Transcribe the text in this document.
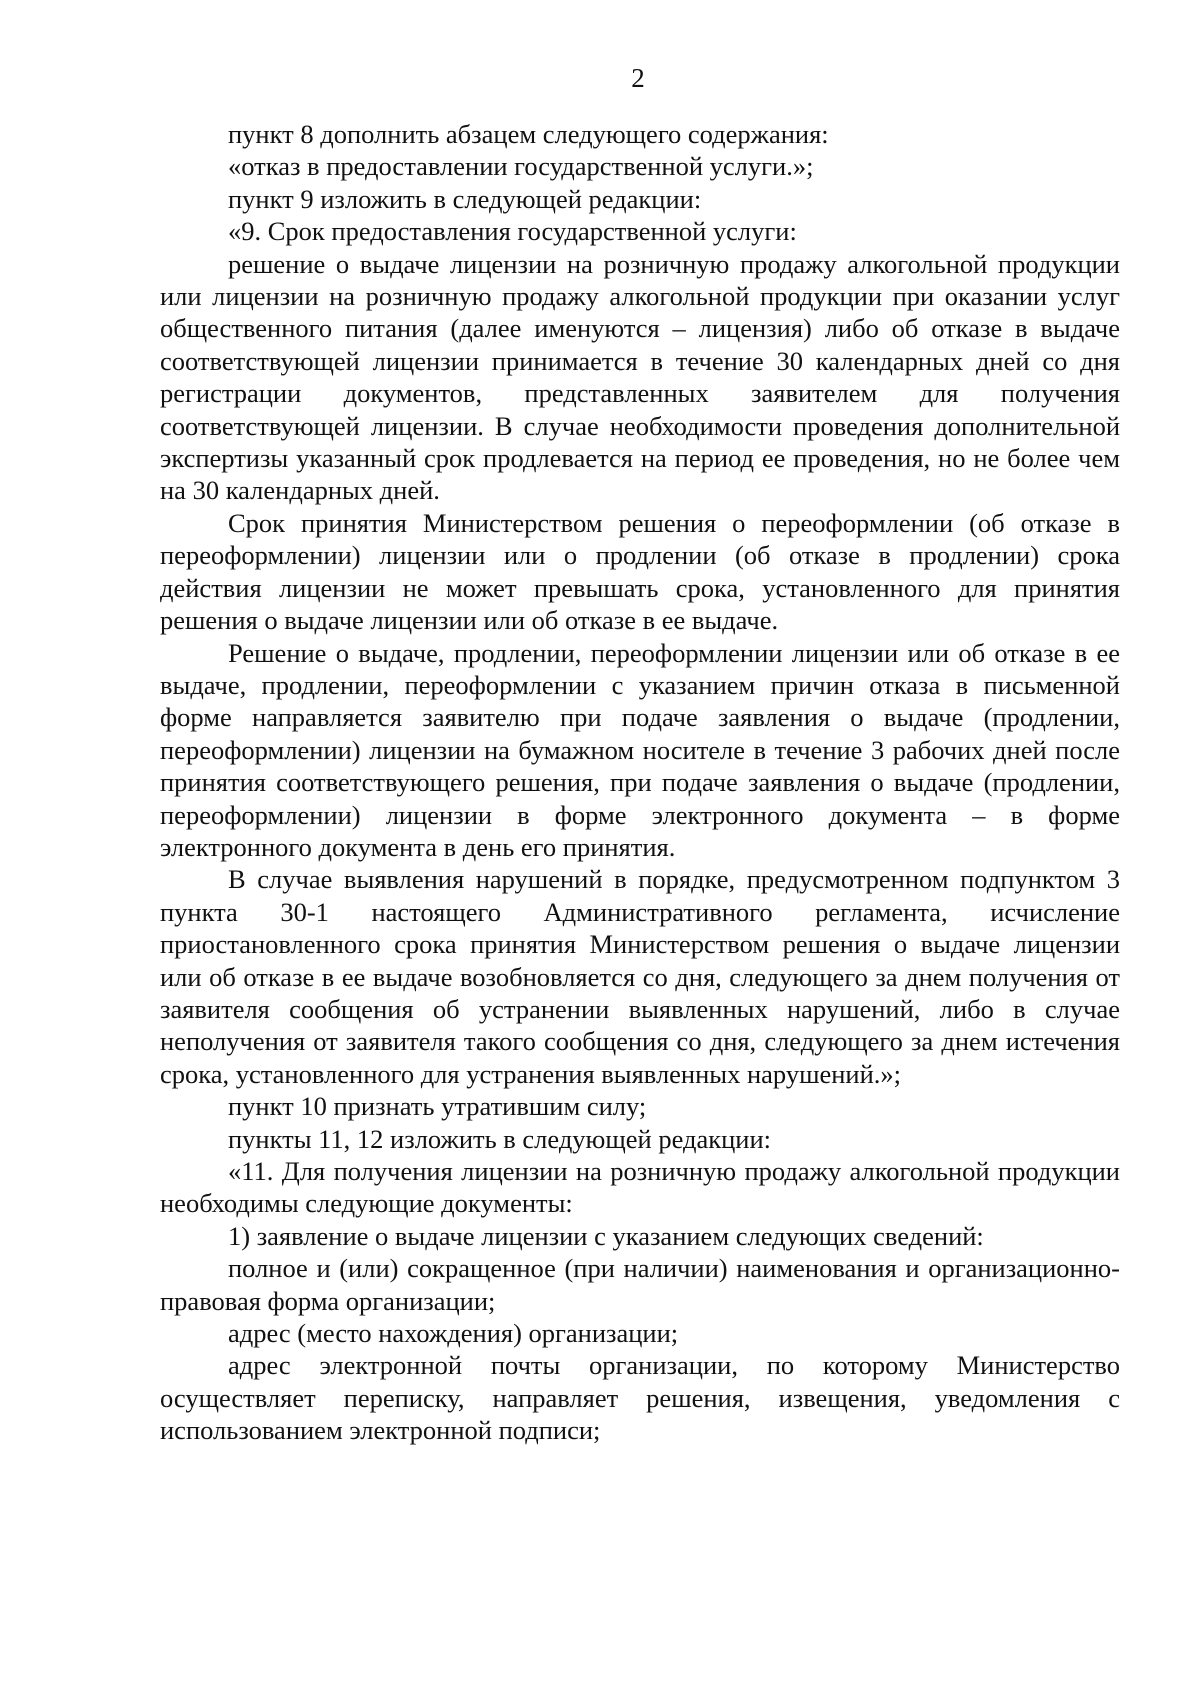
2

пункт 8 дополнить абзацем следующего содержания:

«отказ в предоставлении государственной услуги.»;

пункт 9 изложить в следующей редакции:

«9. Срок предоставления государственной услуги:

решение о выдаче лицензии на розничную продажу алкогольной продукции или лицензии на розничную продажу алкогольной продукции при оказании услуг общественного питания (далее именуются – лицензия) либо об отказе в выдаче соответствующей лицензии принимается в течение 30 календарных дней со дня регистрации документов, представленных заявителем для получения соответствующей лицензии. В случае необходимости проведения дополнительной экспертизы указанный срок продлевается на период ее проведения, но не более чем на 30 календарных дней.

Срок принятия Министерством решения о переоформлении (об отказе в переоформлении) лицензии или о продлении (об отказе в продлении) срока действия лицензии не может превышать срока, установленного для принятия решения о выдаче лицензии или об отказе в ее выдаче.

Решение о выдаче, продлении, переоформлении лицензии или об отказе в ее выдаче, продлении, переоформлении с указанием причин отказа в письменной форме направляется заявителю при подаче заявления о выдаче (продлении, переоформлении) лицензии на бумажном носителе в течение 3 рабочих дней после принятия соответствующего решения, при подаче заявления о выдаче (продлении, переоформлении) лицензии в форме электронного документа – в форме электронного документа в день его принятия.

В случае выявления нарушений в порядке, предусмотренном подпунктом 3 пункта 30-1 настоящего Административного регламента, исчисление приостановленного срока принятия Министерством решения о выдаче лицензии или об отказе в ее выдаче возобновляется со дня, следующего за днем получения от заявителя сообщения об устранении выявленных нарушений, либо в случае неполучения от заявителя такого сообщения со дня, следующего за днем истечения срока, установленного для устранения выявленных нарушений.»;

пункт 10 признать утратившим силу;

пункты 11, 12 изложить в следующей редакции:

«11. Для получения лицензии на розничную продажу алкогольной продукции необходимы следующие документы:

1) заявление о выдаче лицензии с указанием следующих сведений:

полное и (или) сокращенное (при наличии) наименования и организационно-правовая форма организации;

адрес (место нахождения) организации;

адрес электронной почты организации, по которому Министерство осуществляет переписку, направляет решения, извещения, уведомления с использованием электронной подписи;
